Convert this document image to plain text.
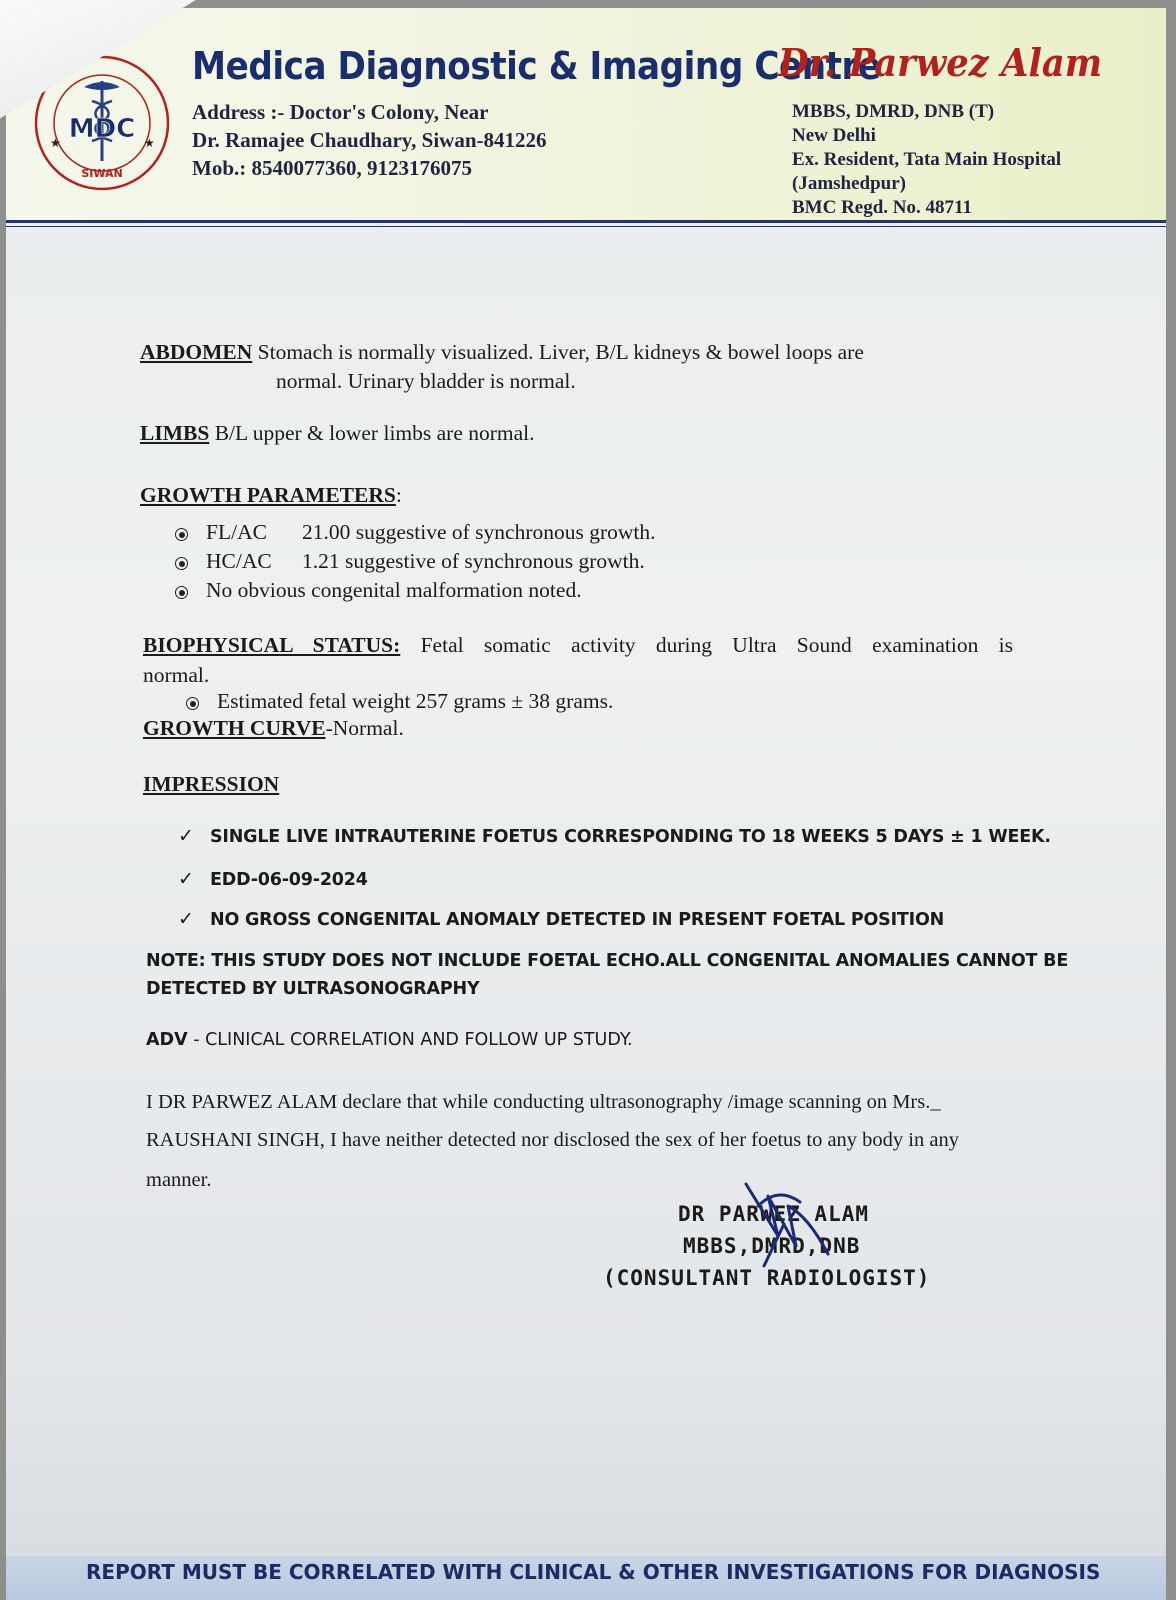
MDC
SIWAN
★	★
Medica Diagnostic & Imaging Centre
Address :- Doctor's Colony, Near
Dr. Ramajee Chaudhary, Siwan-841226
Mob.: 8540077360, 9123176075
Dr. Parwez Alam
MBBS, DMRD, DNB (T)
New Delhi
Ex. Resident, Tata Main Hospital
(Jamshedpur)
BMC Regd. No. 48711
ABDOMEN Stomach is normally visualized. Liver, B/L kidneys & bowel loops are
normal. Urinary bladder is normal.
LIMBS B/L upper & lower limbs are normal.
GROWTH PARAMETERS:
FL/AC 21.00 suggestive of synchronous growth.
HC/AC 1.21 suggestive of synchronous growth.
No obvious congenital malformation noted.
BIOPHYSICAL STATUS: Fetal somatic activity during Ultra Sound examination is
normal.
Estimated fetal weight 257 grams ± 38 grams.
GROWTH CURVE-Normal.
IMPRESSION
✓ SINGLE LIVE INTRAUTERINE FOETUS CORRESPONDING TO 18 WEEKS 5 DAYS ± 1 WEEK.
✓ EDD-06-09-2024
✓ NO GROSS CONGENITAL ANOMALY DETECTED IN PRESENT FOETAL POSITION
NOTE: THIS STUDY DOES NOT INCLUDE FOETAL ECHO.ALL CONGENITAL ANOMALIES CANNOT BE
DETECTED BY ULTRASONOGRAPHY
ADV - CLINICAL CORRELATION AND FOLLOW UP STUDY.
I DR PARWEZ ALAM declare that while conducting ultrasonography /image scanning on Mrs._
RAUSHANI SINGH, I have neither detected nor disclosed the sex of her foetus to any body in any
manner.
DR PARWEZ ALAM
MBBS,DMRD,DNB
(CONSULTANT RADIOLOGIST)
REPORT MUST BE CORRELATED WITH CLINICAL & OTHER INVESTIGATIONS FOR DIAGNOSIS
